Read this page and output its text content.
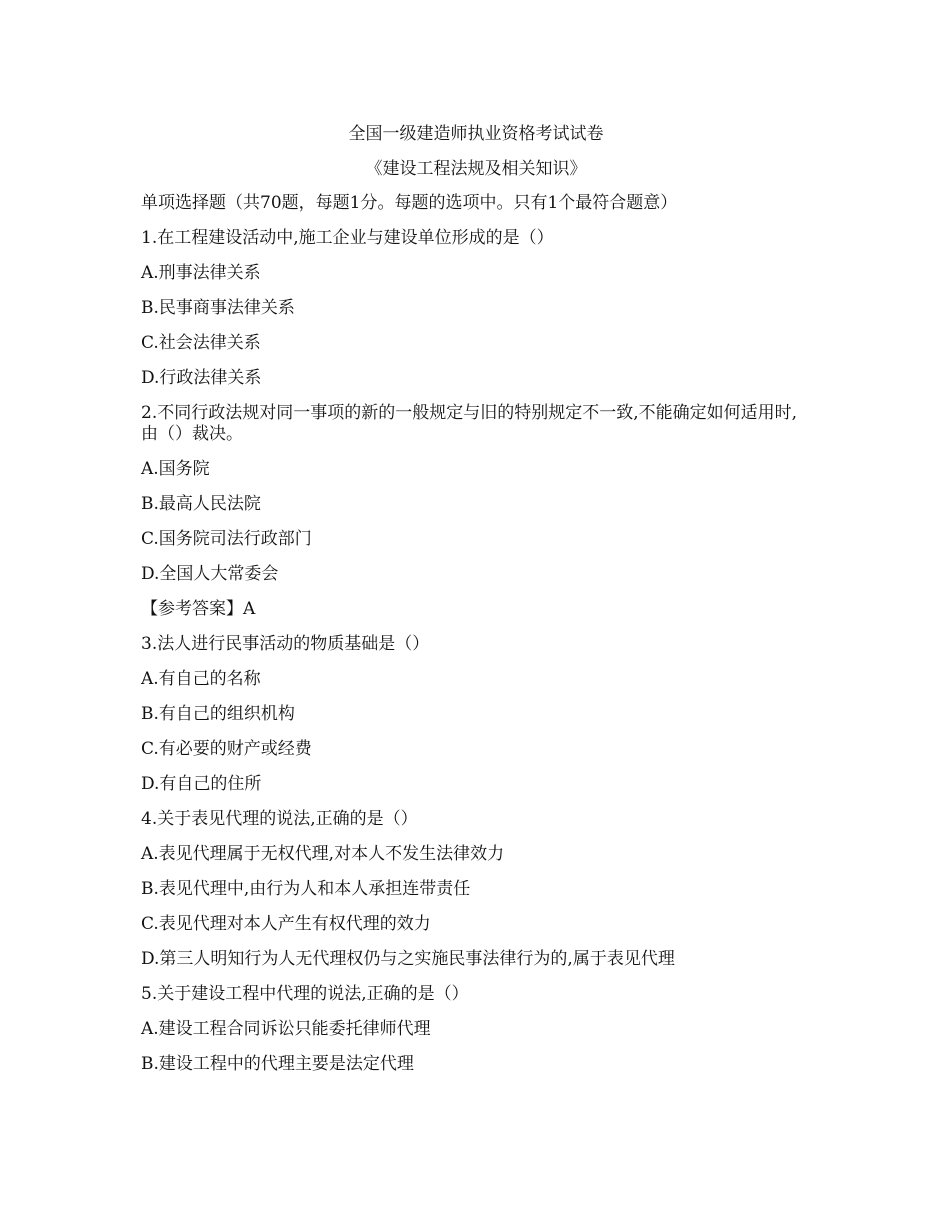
全国一级建造师执业资格考试试卷
《建设工程法规及相关知识》
单项选择题（共70题，每题1分。每题的选项中。只有1个最符合题意）
1.在工程建设活动中,施工企业与建设单位形成的是（）
A.刑事法律关系
B.民事商事法律关系
C.社会法律关系
D.行政法律关系
2.不同行政法规对同一事项的新的一般规定与旧的特别规定不一致,不能确定如何适用时,由（）裁决。
A.国务院
B.最高人民法院
C.国务院司法行政部门
D.全国人大常委会
【参考答案】A
3.法人进行民事活动的物质基础是（）
A.有自己的名称
B.有自己的组织机构
C.有必要的财产或经费
D.有自己的住所
4.关于表见代理的说法,正确的是（）
A.表见代理属于无权代理,对本人不发生法律效力
B.表见代理中,由行为人和本人承担连带责任
C.表见代理对本人产生有权代理的效力
D.第三人明知行为人无代理权仍与之实施民事法律行为的,属于表见代理
5.关于建设工程中代理的说法,正确的是（）
A.建设工程合同诉讼只能委托律师代理
B.建设工程中的代理主要是法定代理
